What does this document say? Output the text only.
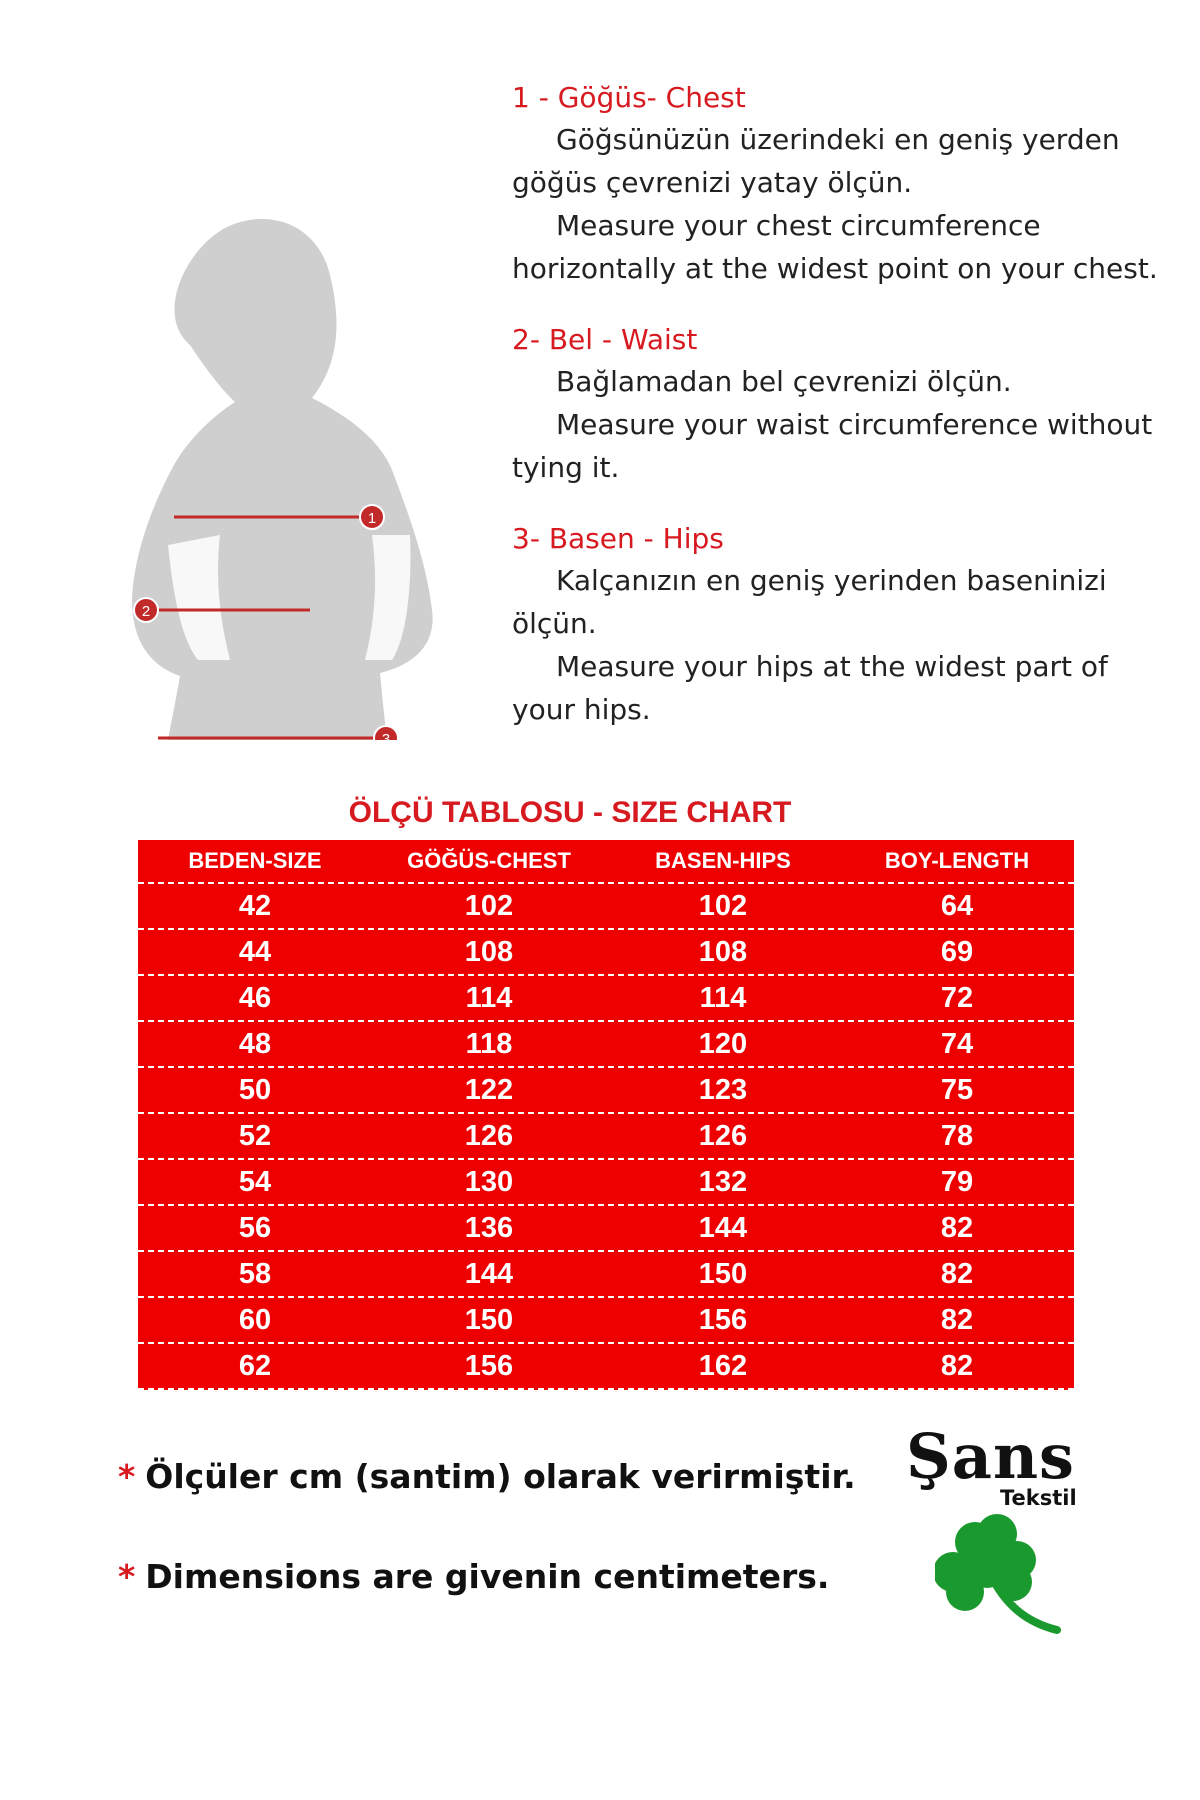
1
2
3
1 - Göğüs- Chest
Göğsünüzün üzerindeki en geniş yerden
göğüs çevrenizi yatay ölçün.
Measure your chest circumference
horizontally at the widest point on your chest.
2- Bel - Waist
Bağlamadan bel çevrenizi ölçün.
Measure your waist circumference without
tying it.
3- Basen - Hips
Kalçanızın en geniş yerinden baseninizi
ölçün.
Measure your hips at the widest part of
your hips.
ÖLÇÜ TABLOSU - SIZE CHART
BEDEN-SIZE	GÖĞÜS-CHEST	BASEN-HIPS	BOY-LENGTH
42	102	102	64
44	108	108	69
46	114	114	72
48	118	120	74
50	122	123	75
52	126	126	78
54	130	132	79
56	136	144	82
58	144	150	82
60	150	156	82
62	156	162	82
* Ölçüler cm (santim) olarak verirmiştir.
* Dimensions are givenin centimeters.
Şans
Tekstil
